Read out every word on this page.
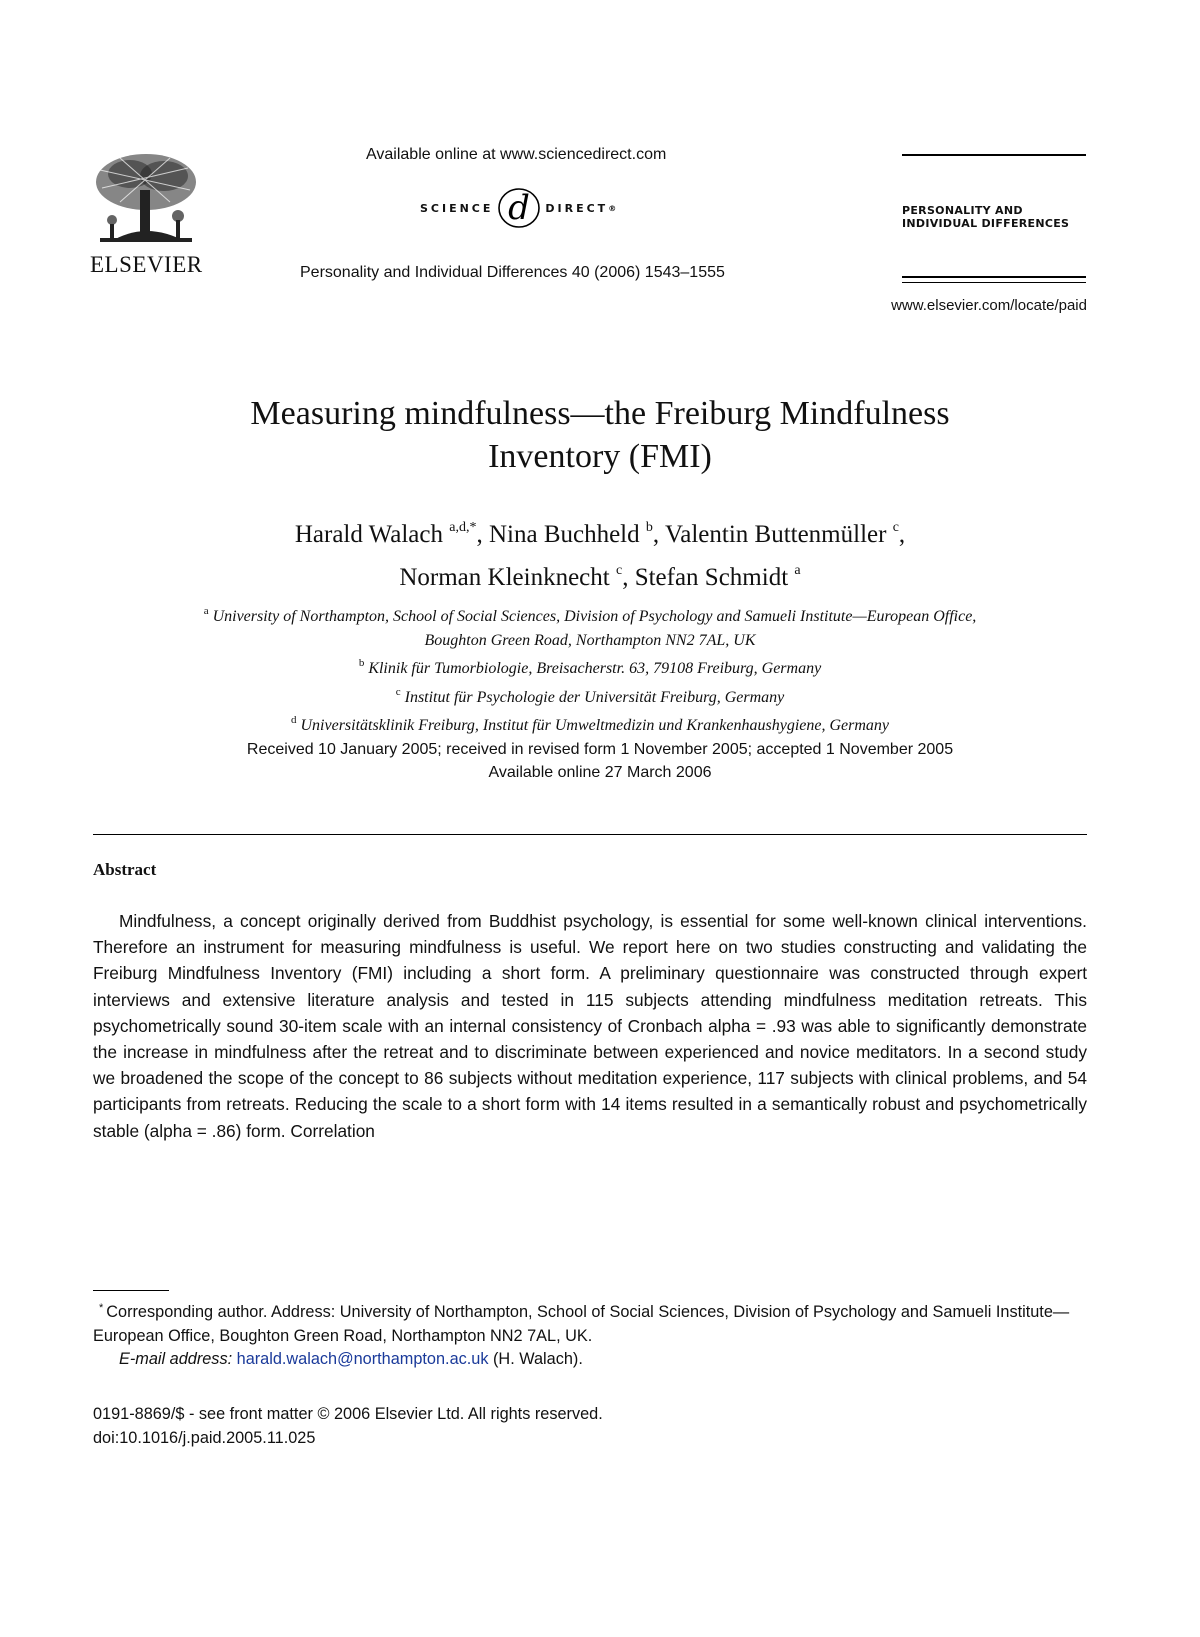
ELSEVIER
Available online at www.sciencedirect.com
SCIENCE d DIRECT ®
Personality and Individual Differences 40 (2006) 1543–1555
PERSONALITY AND
INDIVIDUAL DIFFERENCES
www.elsevier.com/locate/paid
Measuring mindfulness—the Freiburg Mindfulness
Inventory (FMI)
Harald Walach $^{a,d,*}$, Nina Buchheld $^b$, Valentin Buttenmüller $^c$,
Norman Kleinknecht $^c$, Stefan Schmidt $^a$
$^a$ University of Northampton, School of Social Sciences, Division of Psychology and Samueli Institute—European Office,
Boughton Green Road, Northampton NN2 7AL, UK
$^b$ Klinik für Tumorbiologie, Breisacherstr. 63, 79108 Freiburg, Germany
$^c$ Institut für Psychologie der Universität Freiburg, Germany
$^d$ Universitätsklinik Freiburg, Institut für Umweltmedizin und Krankenhaushygiene, Germany
Received 10 January 2005; received in revised form 1 November 2005; accepted 1 November 2005
Available online 27 March 2006
Abstract
Mindfulness, a concept originally derived from Buddhist psychology, is essential for some well-known clinical interventions. Therefore an instrument for measuring mindfulness is useful. We report here on two studies constructing and validating the Freiburg Mindfulness Inventory (FMI) including a short form. A preliminary questionnaire was constructed through expert interviews and extensive literature analysis and tested in 115 subjects attending mindfulness meditation retreats. This psychometrically sound 30-item scale with an internal consistency of Cronbach alpha = .93 was able to significantly demonstrate the increase in mindfulness after the retreat and to discriminate between experienced and novice meditators. In a second study we broadened the scope of the concept to 86 subjects without meditation experience, 117 subjects with clinical problems, and 54 participants from retreats. Reducing the scale to a short form with 14 items resulted in a semantically robust and psychometrically stable (alpha = .86) form. Correlation
* Corresponding author. Address: University of Northampton, School of Social Sciences, Division of Psychology and Samueli Institute—European Office, Boughton Green Road, Northampton NN2 7AL, UK.
E-mail address: harald.walach@northampton.ac.uk (H. Walach).
0191-8869/$ - see front matter © 2006 Elsevier Ltd. All rights reserved.
doi:10.1016/j.paid.2005.11.025
